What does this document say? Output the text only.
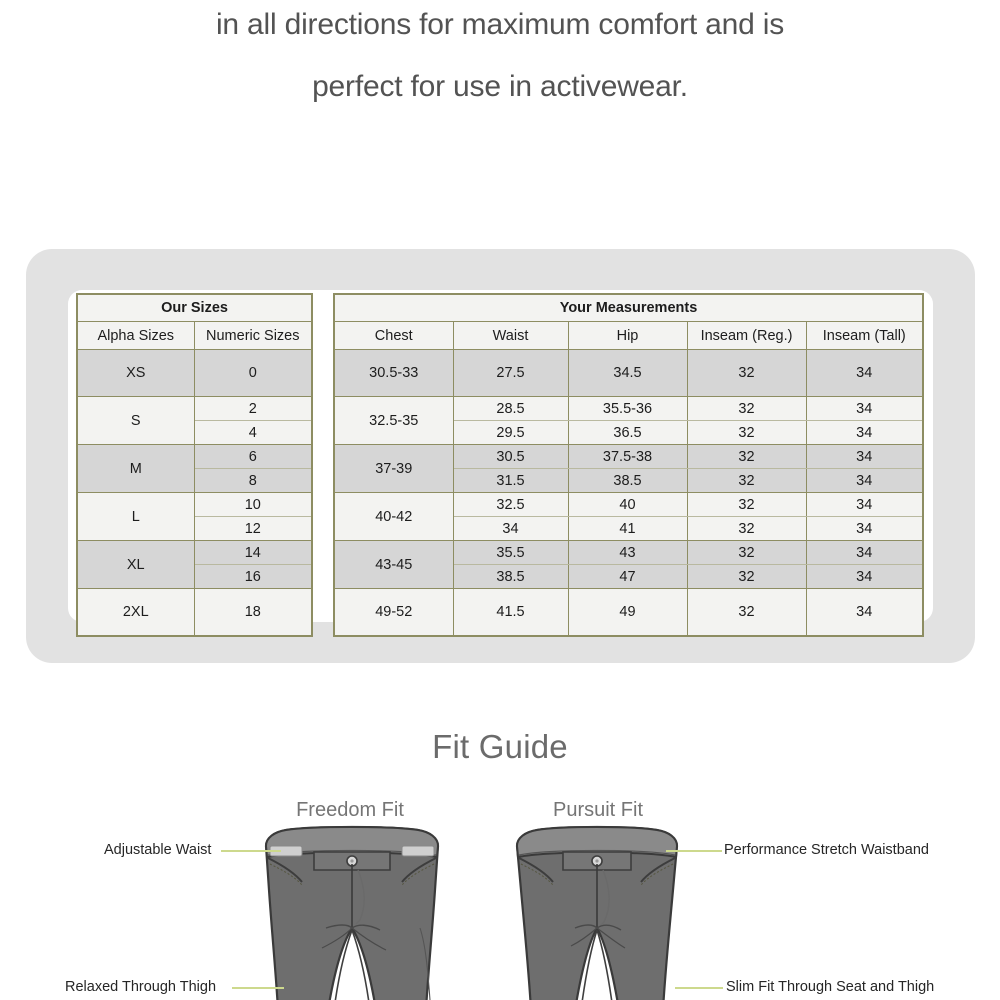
in all directions for maximum comfort and is
perfect for use in activewear.
Our Sizes	
Alpha Sizes	Numeric Sizes
XS	0
S	2
	4
M	6
	8
L	10
	12
XL	14
	16
2XL	18
Your Measurements				
Chest	Waist	Hip	Inseam (Reg.)	Inseam (Tall)
30.5-33	27.5	34.5	32	34
32.5-35	28.5	35.5-36	32	34
	29.5	36.5	32	34
37-39	30.5	37.5-38	32	34
	31.5	38.5	32	34
40-42	32.5	40	32	34
	34	41	32	34
43-45	35.5	43	32	34
	38.5	47	32	34
49-52	41.5	49	32	34
Fit Guide
Freedom Fit	Pursuit Fit
Adjustable Waist
Relaxed Through Thigh
Performance Stretch Waistband
Slim Fit Through Seat and Thigh
